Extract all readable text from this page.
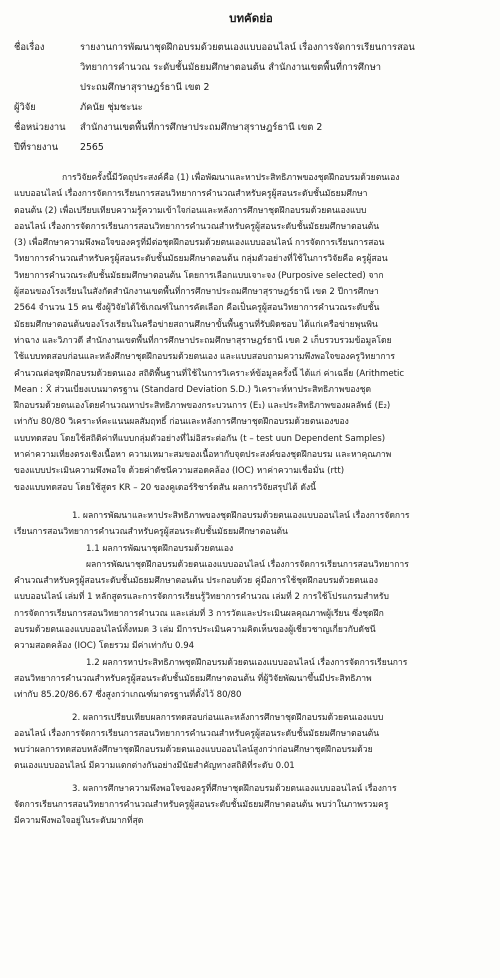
บทคัดย่อ
ชื่อเรื่อง	รายงานการพัฒนาชุดฝึกอบรมด้วยตนเองแบบออนไลน์ เรื่องการจัดการเรียนการสอน
วิทยาการคำนวณ ระดับชั้นมัธยมศึกษาตอนต้น สำนักงานเขตพื้นที่การศึกษา
ประถมศึกษาสุราษฎร์ธานี เขต 2
ผู้วิจัย	ภัคนัย ชุ่มชะนะ
ชื่อหน่วยงาน	สำนักงานเขตพื้นที่การศึกษาประถมศึกษาสุราษฎร์ธานี เขต 2
ปีที่รายงาน	2565
การวิจัยครั้งนี้มีวัตถุประสงค์คือ (1) เพื่อพัฒนาและหาประสิทธิภาพของชุดฝึกอบรมด้วยตนเอง
แบบออนไลน์ เรื่องการจัดการเรียนการสอนวิทยาการคำนวณสำหรับครูผู้สอนระดับชั้นมัธยมศึกษา
ตอนต้น (2) เพื่อเปรียบเทียบความรู้ความเข้าใจก่อนและหลังการศึกษาชุดฝึกอบรมด้วยตนเองแบบ
ออนไลน์ เรื่องการจัดการเรียนการสอนวิทยาการคำนวณสำหรับครูผู้สอนระดับชั้นมัธยมศึกษาตอนต้น
(3) เพื่อศึกษาความพึงพอใจของครูที่มีต่อชุดฝึกอบรมด้วยตนเองแบบออนไลน์ การจัดการเรียนการสอน
วิทยาการคำนวณสำหรับครูผู้สอนระดับชั้นมัธยมศึกษาตอนต้น กลุ่มตัวอย่างที่ใช้ในการวิจัยคือ ครูผู้สอน
วิทยาการคำนวณระดับชั้นมัธยมศึกษาตอนต้น โดยการเลือกแบบเจาะจง (Purposive selected) จาก
ผู้สอนของโรงเรียนในสังกัดสำนักงานเขตพื้นที่การศึกษาประถมศึกษาสุราษฎร์ธานี เขต 2 ปีการศึกษา
2564 จำนวน 15 คน ซึ่งผู้วิจัยได้ใช้เกณฑ์ในการคัดเลือก คือเป็นครูผู้สอนวิทยาการคำนวณระดับชั้น
มัธยมศึกษาตอนต้นของโรงเรียนในครือข่ายสถานศึกษาขั้นพื้นฐานที่รับผิดชอบ ได้แก่เครือข่ายพุนพิน
ท่าฉาง และวิภาวดี สำนักงานเขตพื้นที่การศึกษาประถมศึกษาสุราษฎร์ธานี เขต 2 เก็บรวบรวมข้อมูลโดย
ใช้แบบทดสอบก่อนและหลังศึกษาชุดฝึกอบรมด้วยตนเอง และแบบสอบถามความพึงพอใจของครูวิทยาการ
คำนวณต่อชุดฝึกอบรมด้วยตนเอง สถิติพื้นฐานที่ใช้ในการวิเคราะห์ข้อมูลครั้งนี้ ได้แก่ ค่าเฉลี่ย (Arithmetic
Mean : X̄ ส่วนเบี่ยงเบนมาตรฐาน (Standard Deviation S.D.) วิเคราะห์หาประสิทธิภาพของชุด
ฝึกอบรมด้วยตนเองโดยคำนวณหาประสิทธิภาพของกระบวนการ (E₁) และประสิทธิภาพของผลลัพธ์ (E₂)
เท่ากับ 80/80 วิเคราะห์คะแนนผลสัมฤทธิ์ ก่อนและหลังการศึกษาชุดฝึกอบรมด้วยตนเองของ
แบบทดสอบ โดยใช้สถิติค่าทีแบบกลุ่มตัวอย่างที่ไม่อิสระต่อกัน (t – test uun Dependent Samples)
หาค่าความเที่ยงตรงเชิงเนื้อหา ความเหมาะสมของเนื้อหากับจุดประสงค์ของชุดฝึกอบรม และหาคุณภาพ
ของแบบประเมินความพึงพอใจ ด้วยค่าดัชนีความสอดคล้อง (IOC) หาค่าความเชื่อมั่น (rtt)
ของแบบทดสอบ โดยใช้สูตร KR – 20 ของคูเดอร์ริชาร์ดสัน ผลการวิจัยสรุปได้ ดังนี้
1. ผลการพัฒนาและหาประสิทธิภาพของชุดฝึกอบรมด้วยตนเองแบบออนไลน์ เรื่องการจัดการ
เรียนการสอนวิทยาการคำนวณสำหรับครูผู้สอนระดับชั้นมัธยมศึกษาตอนต้น
1.1 ผลการพัฒนาชุดฝึกอบรมด้วยตนเอง
ผลการพัฒนาชุดฝึกอบรมด้วยตนเองแบบออนไลน์ เรื่องการจัดการเรียนการสอนวิทยาการ
คำนวณสำหรับครูผู้สอนระดับชั้นมัธยมศึกษาตอนต้น ประกอบด้วย คู่มือการใช้ชุดฝึกอบรมด้วยตนเอง
แบบออนไลน์ เล่มที่ 1 หลักสูตรและการจัดการเรียนรู้วิทยาการคำนวณ เล่มที่ 2 การใช้โปรแกรมสำหรับ
การจัดการเรียนการสอนวิทยาการคำนวณ และเล่มที่ 3 การวัดและประเมินผลคุณภาพผู้เรียน ซึ่งชุดฝึก
อบรมด้วยตนเองแบบออนไลน์ทั้งหมด 3 เล่ม มีการประเมินความคิดเห็นของผู้เชี่ยวชาญเกี่ยวกับดัชนี
ความสอดคล้อง (IOC) โดยรวม มีค่าเท่ากับ 0.94
1.2 ผลการหาประสิทธิภาพชุดฝึกอบรมด้วยตนเองแบบออนไลน์ เรื่องการจัดการเรียนการ
สอนวิทยาการคำนวณสำหรับครูผู้สอนระดับชั้นมัธยมศึกษาตอนต้น ที่ผู้วิจัยพัฒนาขึ้นมีประสิทธิภาพ
เท่ากับ 85.20/86.67 ซึ่งสูงกว่าเกณฑ์มาตรฐานที่ตั้งไว้ 80/80
2. ผลการเปรียบเทียบผลการทดสอบก่อนและหลังการศึกษาชุดฝึกอบรมด้วยตนเองแบบ
ออนไลน์ เรื่องการจัดการเรียนการสอนวิทยาการคำนวณสำหรับครูผู้สอนระดับชั้นมัธยมศึกษาตอนต้น
พบว่าผลการทดสอบหลังศึกษาชุดฝึกอบรมด้วยตนเองแบบออนไลน์สูงกว่าก่อนศึกษาชุดฝึกอบรมด้วย
ตนเองแบบออนไลน์ มีความแตกต่างกันอย่างมีนัยสำคัญทางสถิติที่ระดับ 0.01
3. ผลการศึกษาความพึงพอใจของครูที่ศึกษาชุดฝึกอบรมด้วยตนเองแบบออนไลน์ เรื่องการ
จัดการเรียนการสอนวิทยาการคำนวณสำหรับครูผู้สอนระดับชั้นมัธยมศึกษาตอนต้น พบว่าในภาพรวมครู
มีความพึงพอใจอยู่ในระดับมากที่สุด
